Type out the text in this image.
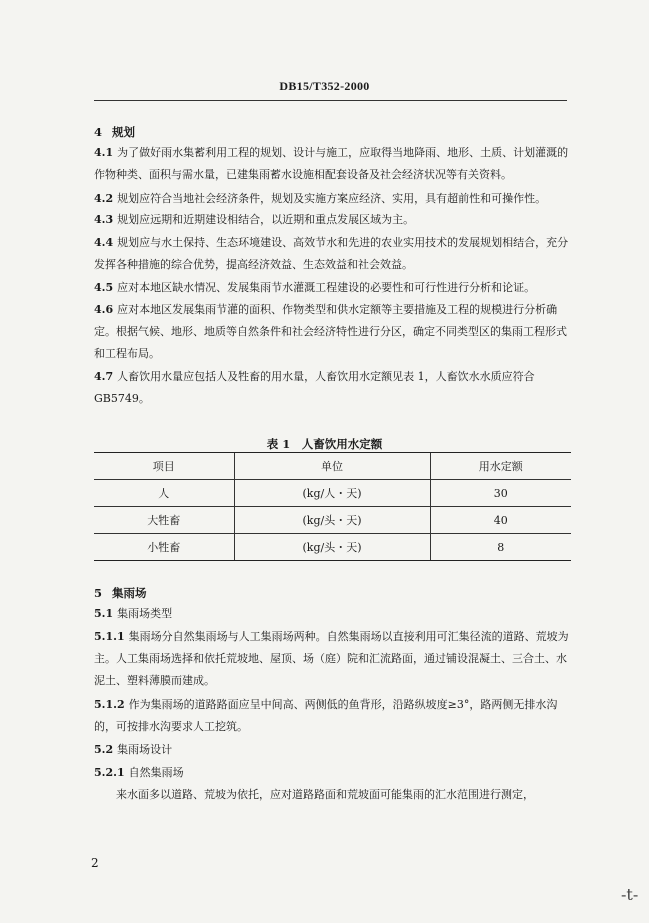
DB15/T352-2000
4 规划
4.1 为了做好雨水集蓄利用工程的规划、设计与施工，应取得当地降雨、地形、土质、计划灌溉的作物种类、面积与需水量，已建集雨蓄水设施相配套设备及社会经济状况等有关资料。
4.2 规划应符合当地社会经济条件，规划及实施方案应经济、实用，具有超前性和可操作性。
4.3 规划应远期和近期建设相结合，以近期和重点发展区域为主。
4.4 规划应与水土保持、生态环境建设、高效节水和先进的农业实用技术的发展规划相结合，充分发挥各种措施的综合优势，提高经济效益、生态效益和社会效益。
4.5 应对本地区缺水情况、发展集雨节水灌溉工程建设的必要性和可行性进行分析和论证。
4.6 应对本地区发展集雨节灌的面积、作物类型和供水定额等主要措施及工程的规模进行分析确定。根据气候、地形、地质等自然条件和社会经济特性进行分区，确定不同类型区的集雨工程形式和工程布局。
4.7 人畜饮用水量应包括人及牲畜的用水量，人畜饮用水定额见表 1，人畜饮水水质应符合GB5749。
表 1　人畜饮用水定额
项目	单位	用水定额
人	(kg/人・天)	30
大牲畜	(kg/头・天)	40
小牲畜	(kg/头・天)	8
5 集雨场
5.1 集雨场类型
5.1.1 集雨场分自然集雨场与人工集雨场两种。自然集雨场以直接利用可汇集径流的道路、荒坡为主。人工集雨场选择和依托荒坡地、屋顶、场（庭）院和汇流路面，通过铺设混凝土、三合土、水泥土、塑料薄膜而建成。
5.1.2 作为集雨场的道路路面应呈中间高、两侧低的鱼背形，沿路纵坡度≥3°，路两侧无排水沟的，可按排水沟要求人工挖筑。
5.2 集雨场设计
5.2.1 自然集雨场
来水面多以道路、荒坡为依托，应对道路路面和荒坡面可能集雨的汇水范围进行测定，
2
-t-
